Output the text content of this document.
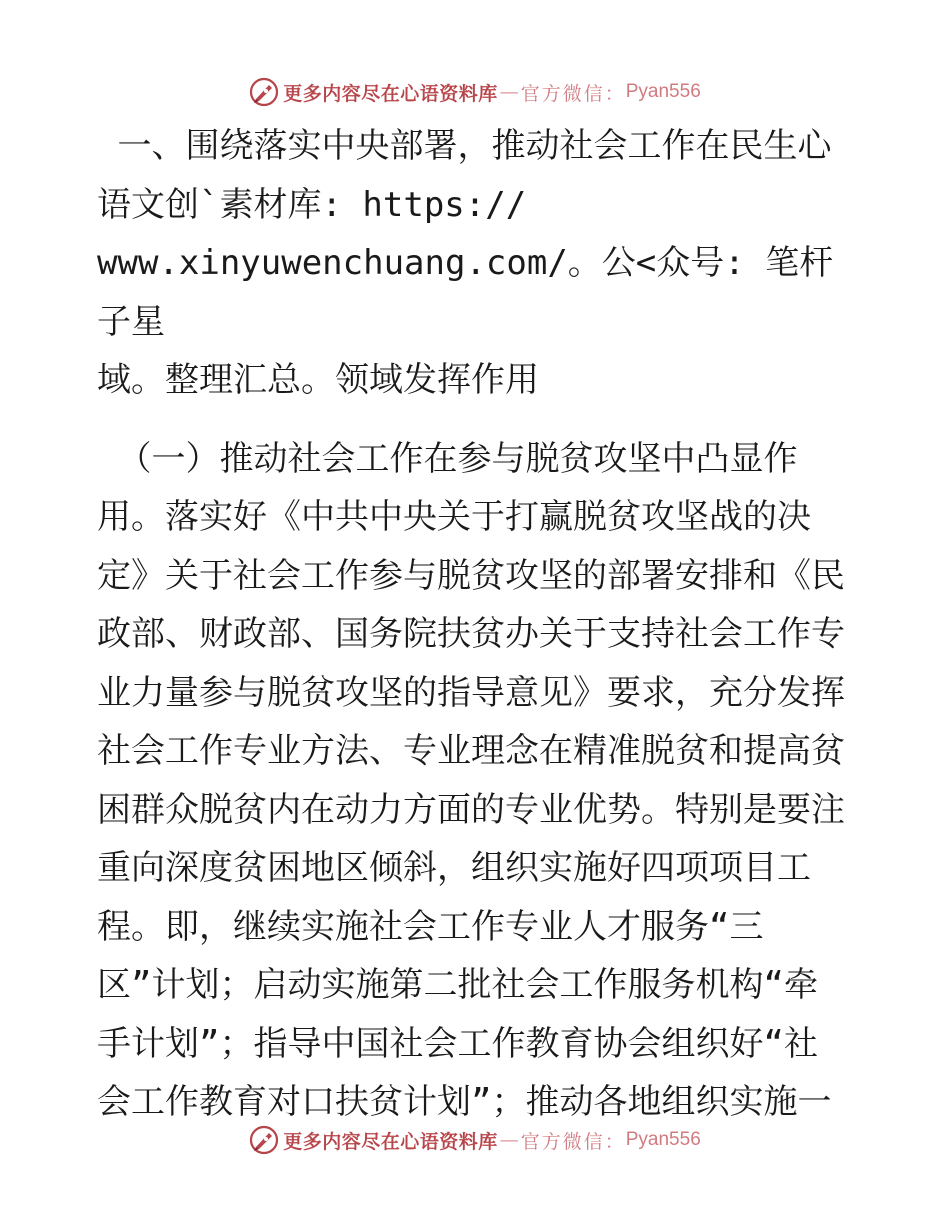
更多内容尽在心语资料库 — 官方微信： Pyan556

一、围绕落实中央部署，推动社会工作在民生心
语文创`素材库: https://
www.xinyuwenchuang.com/。公<众号: 笔杆子星
域。整理汇总。领域发挥作用

（一）推动社会工作在参与脱贫攻坚中凸显作
用。落实好《中共中央关于打赢脱贫攻坚战的决
定》关于社会工作参与脱贫攻坚的部署安排和《民
政部、财政部、国务院扶贫办关于支持社会工作专
业力量参与脱贫攻坚的指导意见》要求，充分发挥
社会工作专业方法、专业理念在精准脱贫和提高贫
困群众脱贫内在动力方面的专业优势。特别是要注
重向深度贫困地区倾斜，组织实施好四项项目工
程。即，继续实施社会工作专业人才服务“三
区”计划；启动实施第二批社会工作服务机构“牵
手计划”；指导中国社会工作教育协会组织好“社
会工作教育对口扶贫计划”；推动各地组织实施一

更多内容尽在心语资料库 — 官方微信： Pyan556
